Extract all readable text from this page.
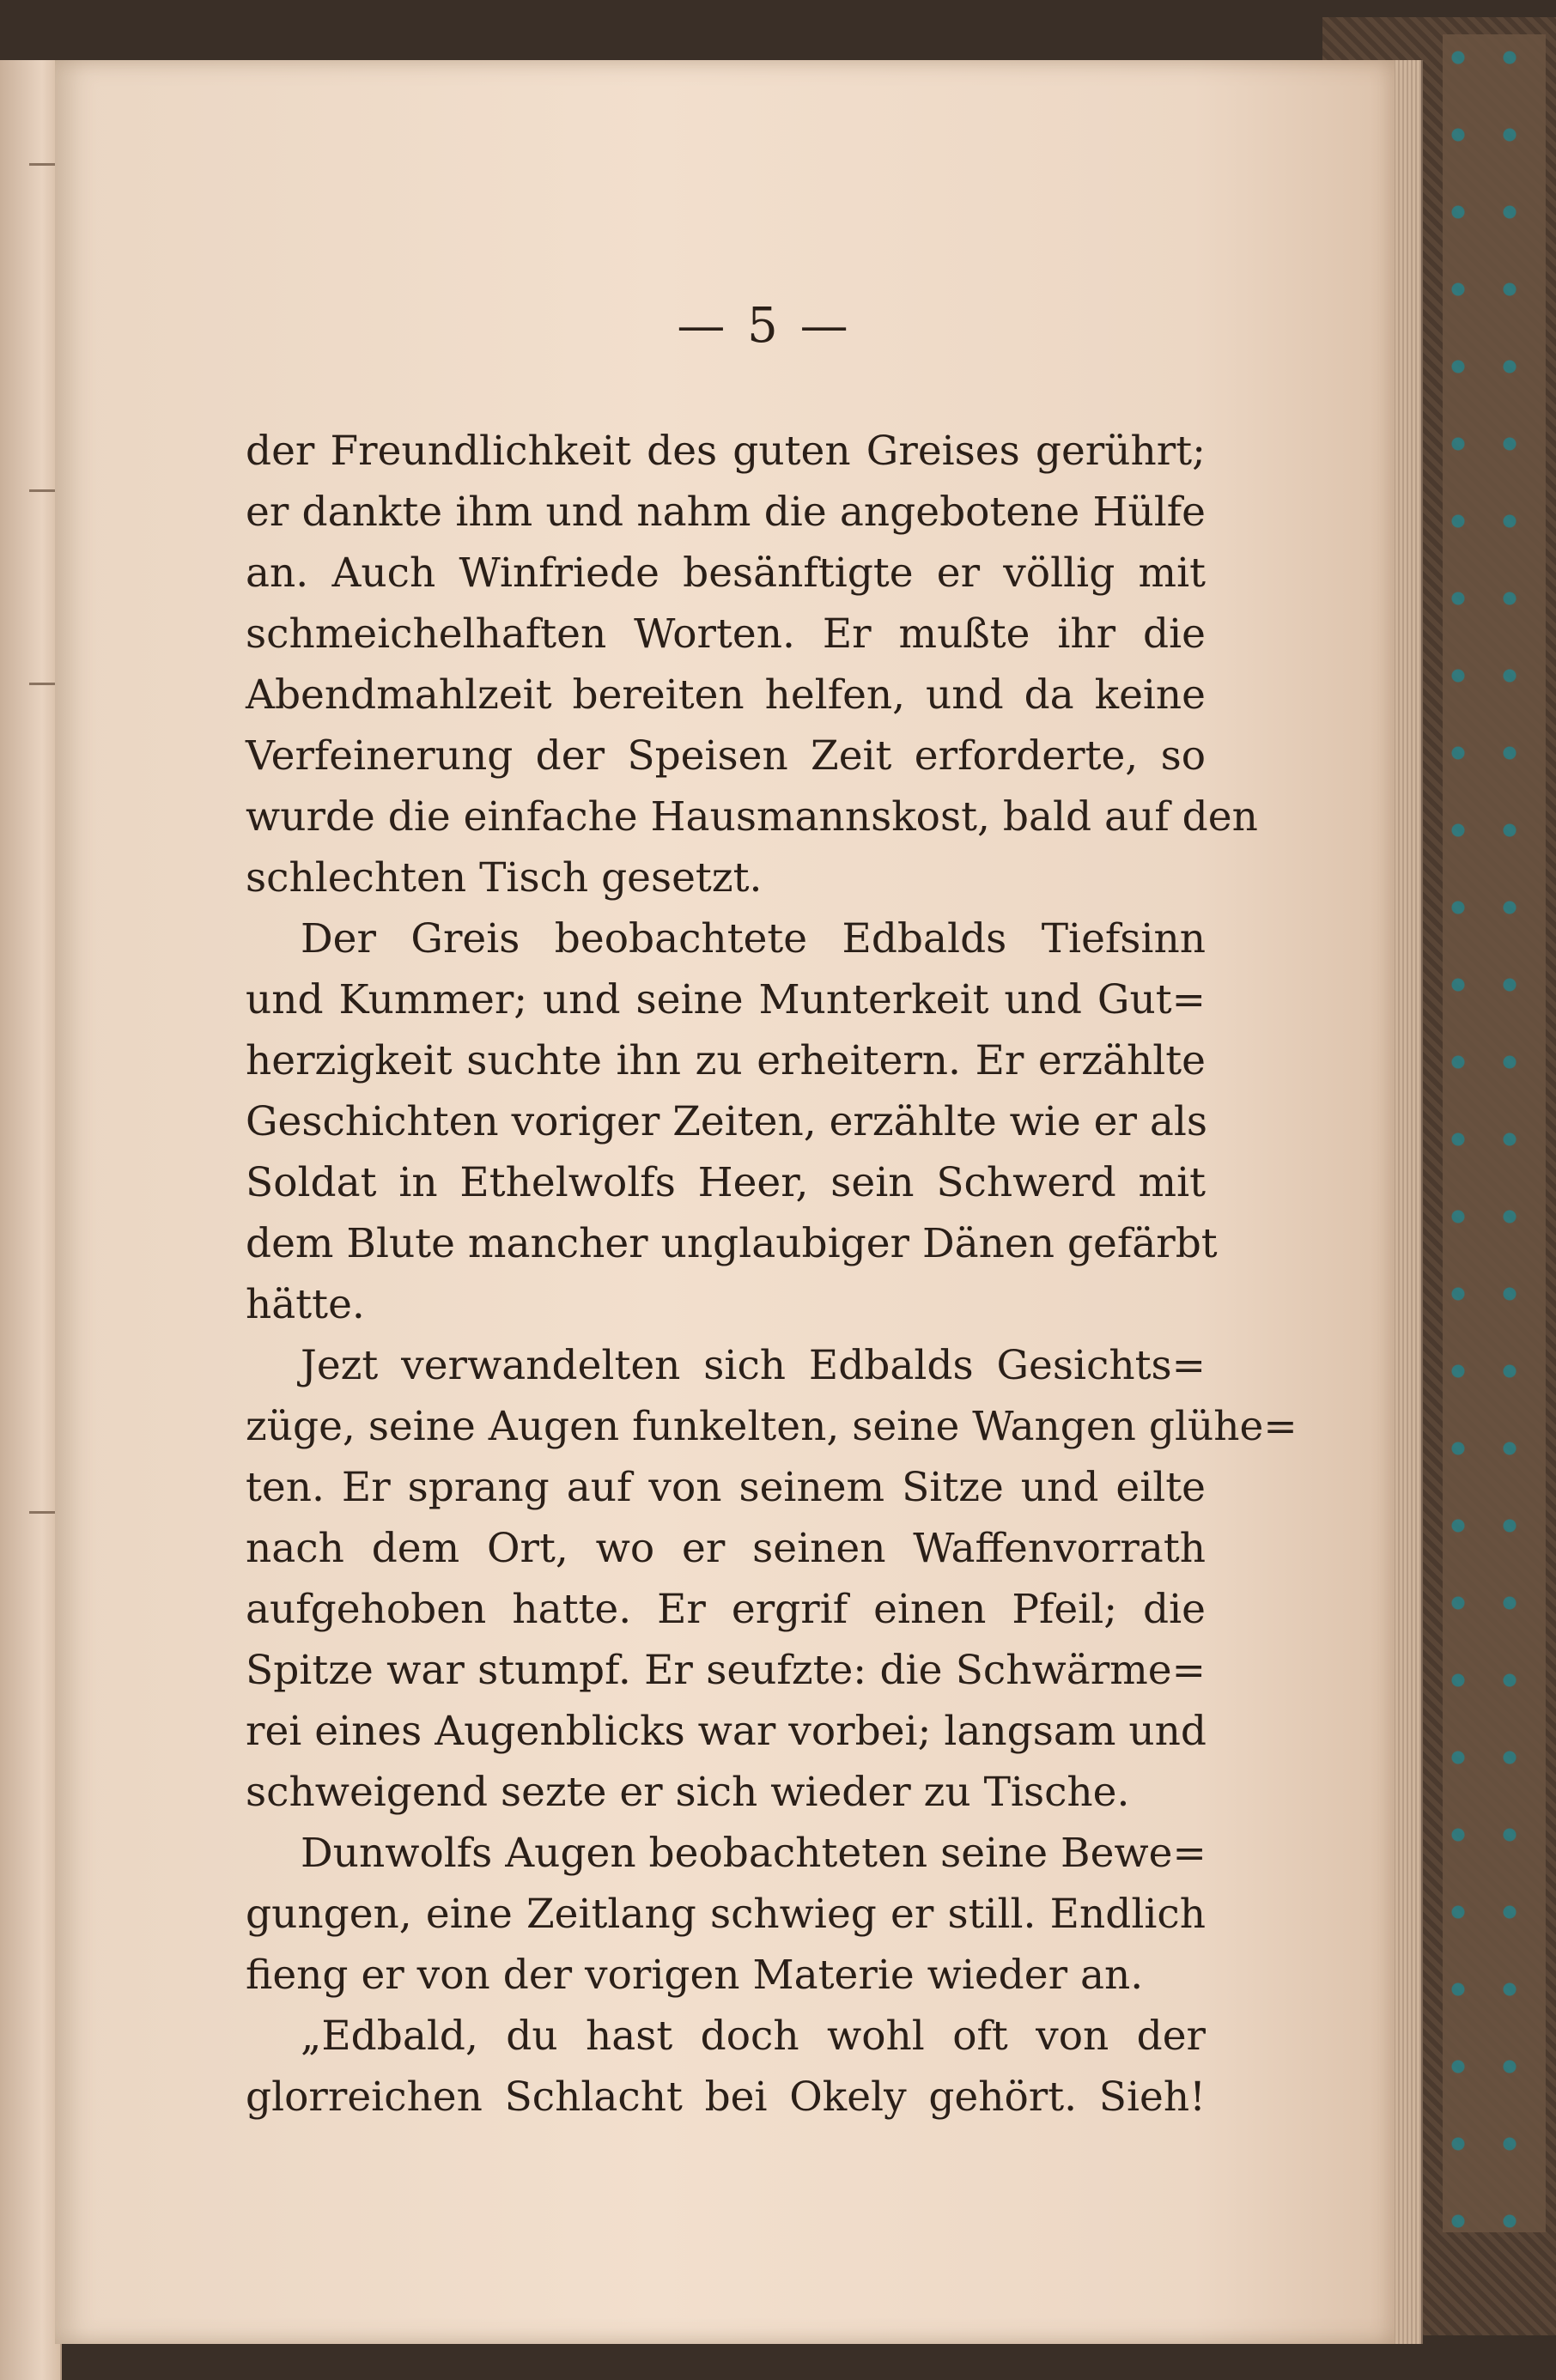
— 5 —
der Freundlichkeit des guten Greises gerührt;
er dankte ihm und nahm die angebotene Hülfe
an. Auch Winfriede besänftigte er völlig mit
schmeichelhaften Worten. Er mußte ihr die
Abendmahlzeit bereiten helfen, und da keine
Verfeinerung der Speisen Zeit erforderte, so
wurde die einfache Hausmannskost, bald auf den
schlechten Tisch gesetzt.
Der Greis beobachtete Edbalds Tiefsinn
und Kummer; und seine Munterkeit und Gut=
herzigkeit suchte ihn zu erheitern. Er erzählte
Geschichten voriger Zeiten, erzählte wie er als
Soldat in Ethelwolfs Heer, sein Schwerd mit
dem Blute mancher unglaubiger Dänen gefärbt
hätte.
Jezt verwandelten sich Edbalds Gesichts=
züge, seine Augen funkelten, seine Wangen glühe=
ten. Er sprang auf von seinem Sitze und eilte
nach dem Ort, wo er seinen Waffenvorrath
aufgehoben hatte. Er ergrif einen Pfeil; die
Spitze war stumpf. Er seufzte: die Schwärme=
rei eines Augenblicks war vorbei; langsam und
schweigend sezte er sich wieder zu Tische.
Dunwolfs Augen beobachteten seine Bewe=
gungen, eine Zeitlang schwieg er still. Endlich
fieng er von der vorigen Materie wieder an.
„Edbald, du hast doch wohl oft von der
glorreichen Schlacht bei Okely gehört. Sieh!
